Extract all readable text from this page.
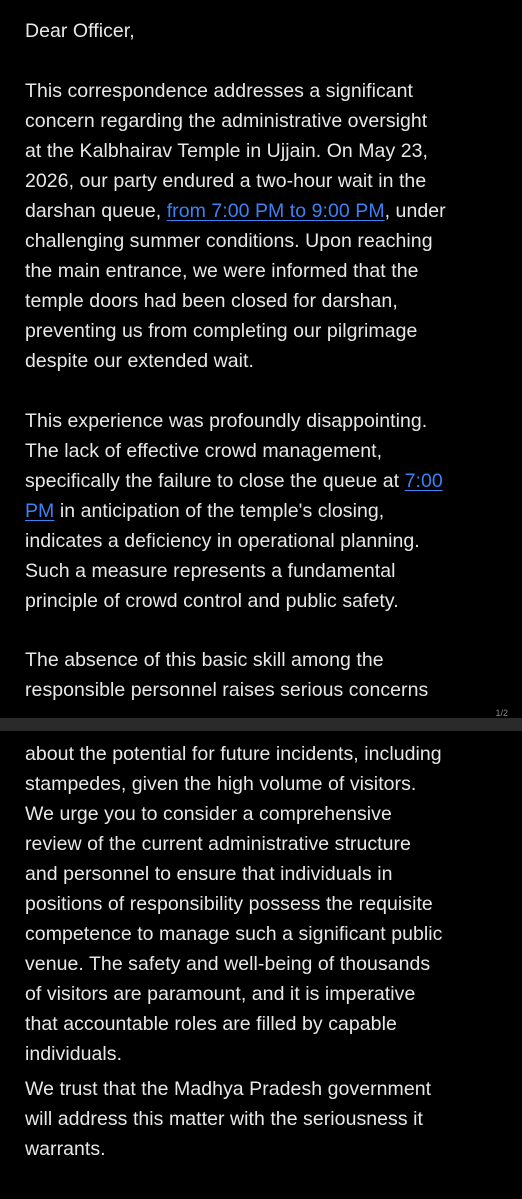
Dear Officer,

This correspondence addresses a significant
concern regarding the administrative oversight
at the Kalbhairav Temple in Ujjain. On May 23,
2026, our party endured a two-hour wait in the
darshan queue, from 7:00 PM to 9:00 PM, under
challenging summer conditions. Upon reaching
the main entrance, we were informed that the
temple doors had been closed for darshan,
preventing us from completing our pilgrimage
despite our extended wait.

This experience was profoundly disappointing.
The lack of effective crowd management,
specifically the failure to close the queue at 7:00
PM in anticipation of the temple's closing,
indicates a deficiency in operational planning.
Such a measure represents a fundamental
principle of crowd control and public safety.

The absence of this basic skill among the
responsible personnel raises serious concerns

1/2

about the potential for future incidents, including
stampedes, given the high volume of visitors.
We urge you to consider a comprehensive
review of the current administrative structure
and personnel to ensure that individuals in
positions of responsibility possess the requisite
competence to manage such a significant public
venue. The safety and well-being of thousands
of visitors are paramount, and it is imperative
that accountable roles are filled by capable
individuals.

We trust that the Madhya Pradesh government
will address this matter with the seriousness it
warrants.
